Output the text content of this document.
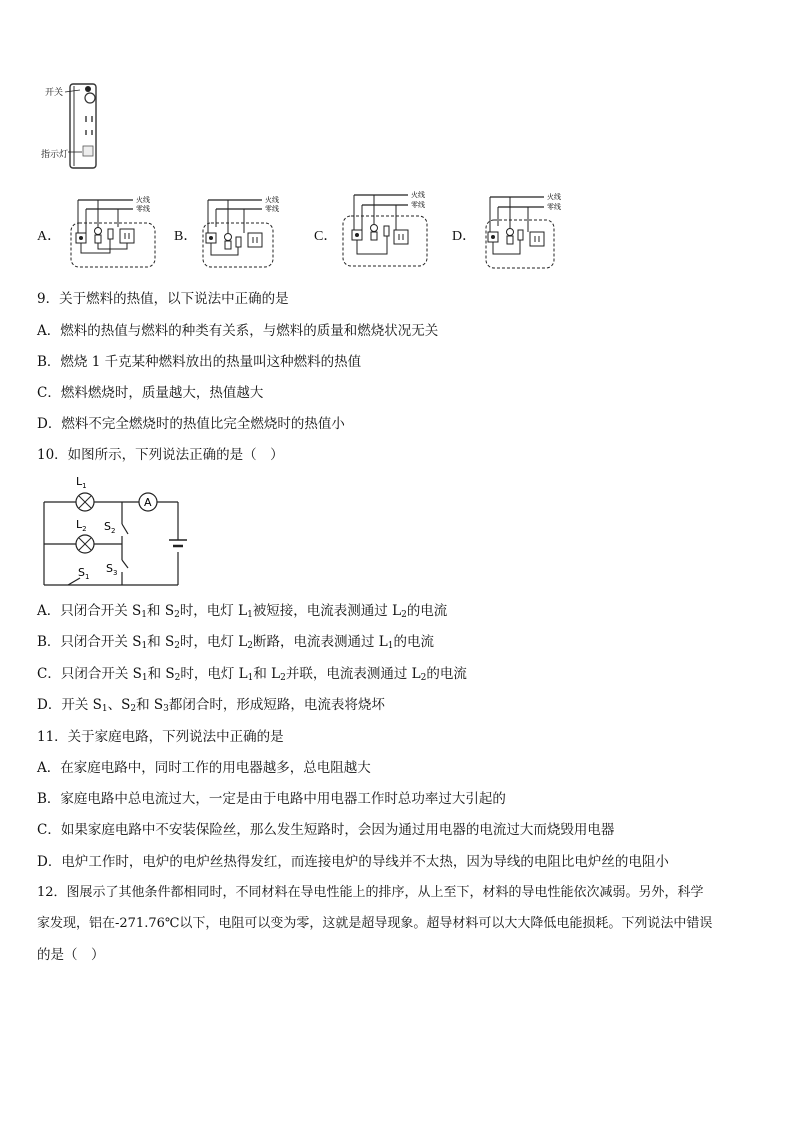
开关
指示灯
A．
火线
零线
B．
火线
零线
C．
火线
零线
D．
火线
零线
9．关于燃料的热值，以下说法中正确的是
A．燃料的热值与燃料的种类有关系，与燃料的质量和燃烧状况无关
B．燃烧 1 千克某种燃料放出的热量叫这种燃料的热值
C．燃料燃烧时，质量越大，热值越大
D．燃料不完全燃烧时的热值比完全燃烧时的热值小
10．如图所示，下列说法正确的是（　）
A
$L_1$
$L_2$ $S_2$
$S_3$
$S_1$
A．只闭合开关 $S_1$和 $S_2$时，电灯 $L_1$被短接，电流表测通过 $L_2$的电流
B．只闭合开关 $S_1$和 $S_2$时，电灯 $L_2$断路，电流表测通过 $L_1$的电流
C．只闭合开关 $S_1$和 $S_2$时，电灯 $L_1$和 $L_2$并联，电流表测通过 $L_2$的电流
D．开关 $S_1$、$S_2$和 $S_3$都闭合时，形成短路，电流表将烧坏
11．关于家庭电路，下列说法中正确的是
A．在家庭电路中，同时工作的用电器越多，总电阻越大
B．家庭电路中总电流过大，一定是由于电路中用电器工作时总功率过大引起的
C．如果家庭电路中不安装保险丝，那么发生短路时，会因为通过用电器的电流过大而烧毁用电器
D．电炉工作时，电炉的电炉丝热得发红，而连接电炉的导线并不太热，因为导线的电阻比电炉丝的电阻小
12．图展示了其他条件都相同时，不同材料在导电性能上的排序，从上至下，材料的导电性能依次减弱。另外，科学
家发现，铝在-271.76℃以下，电阻可以变为零，这就是超导现象。超导材料可以大大降低电能损耗。下列说法中错误
的是（　）
